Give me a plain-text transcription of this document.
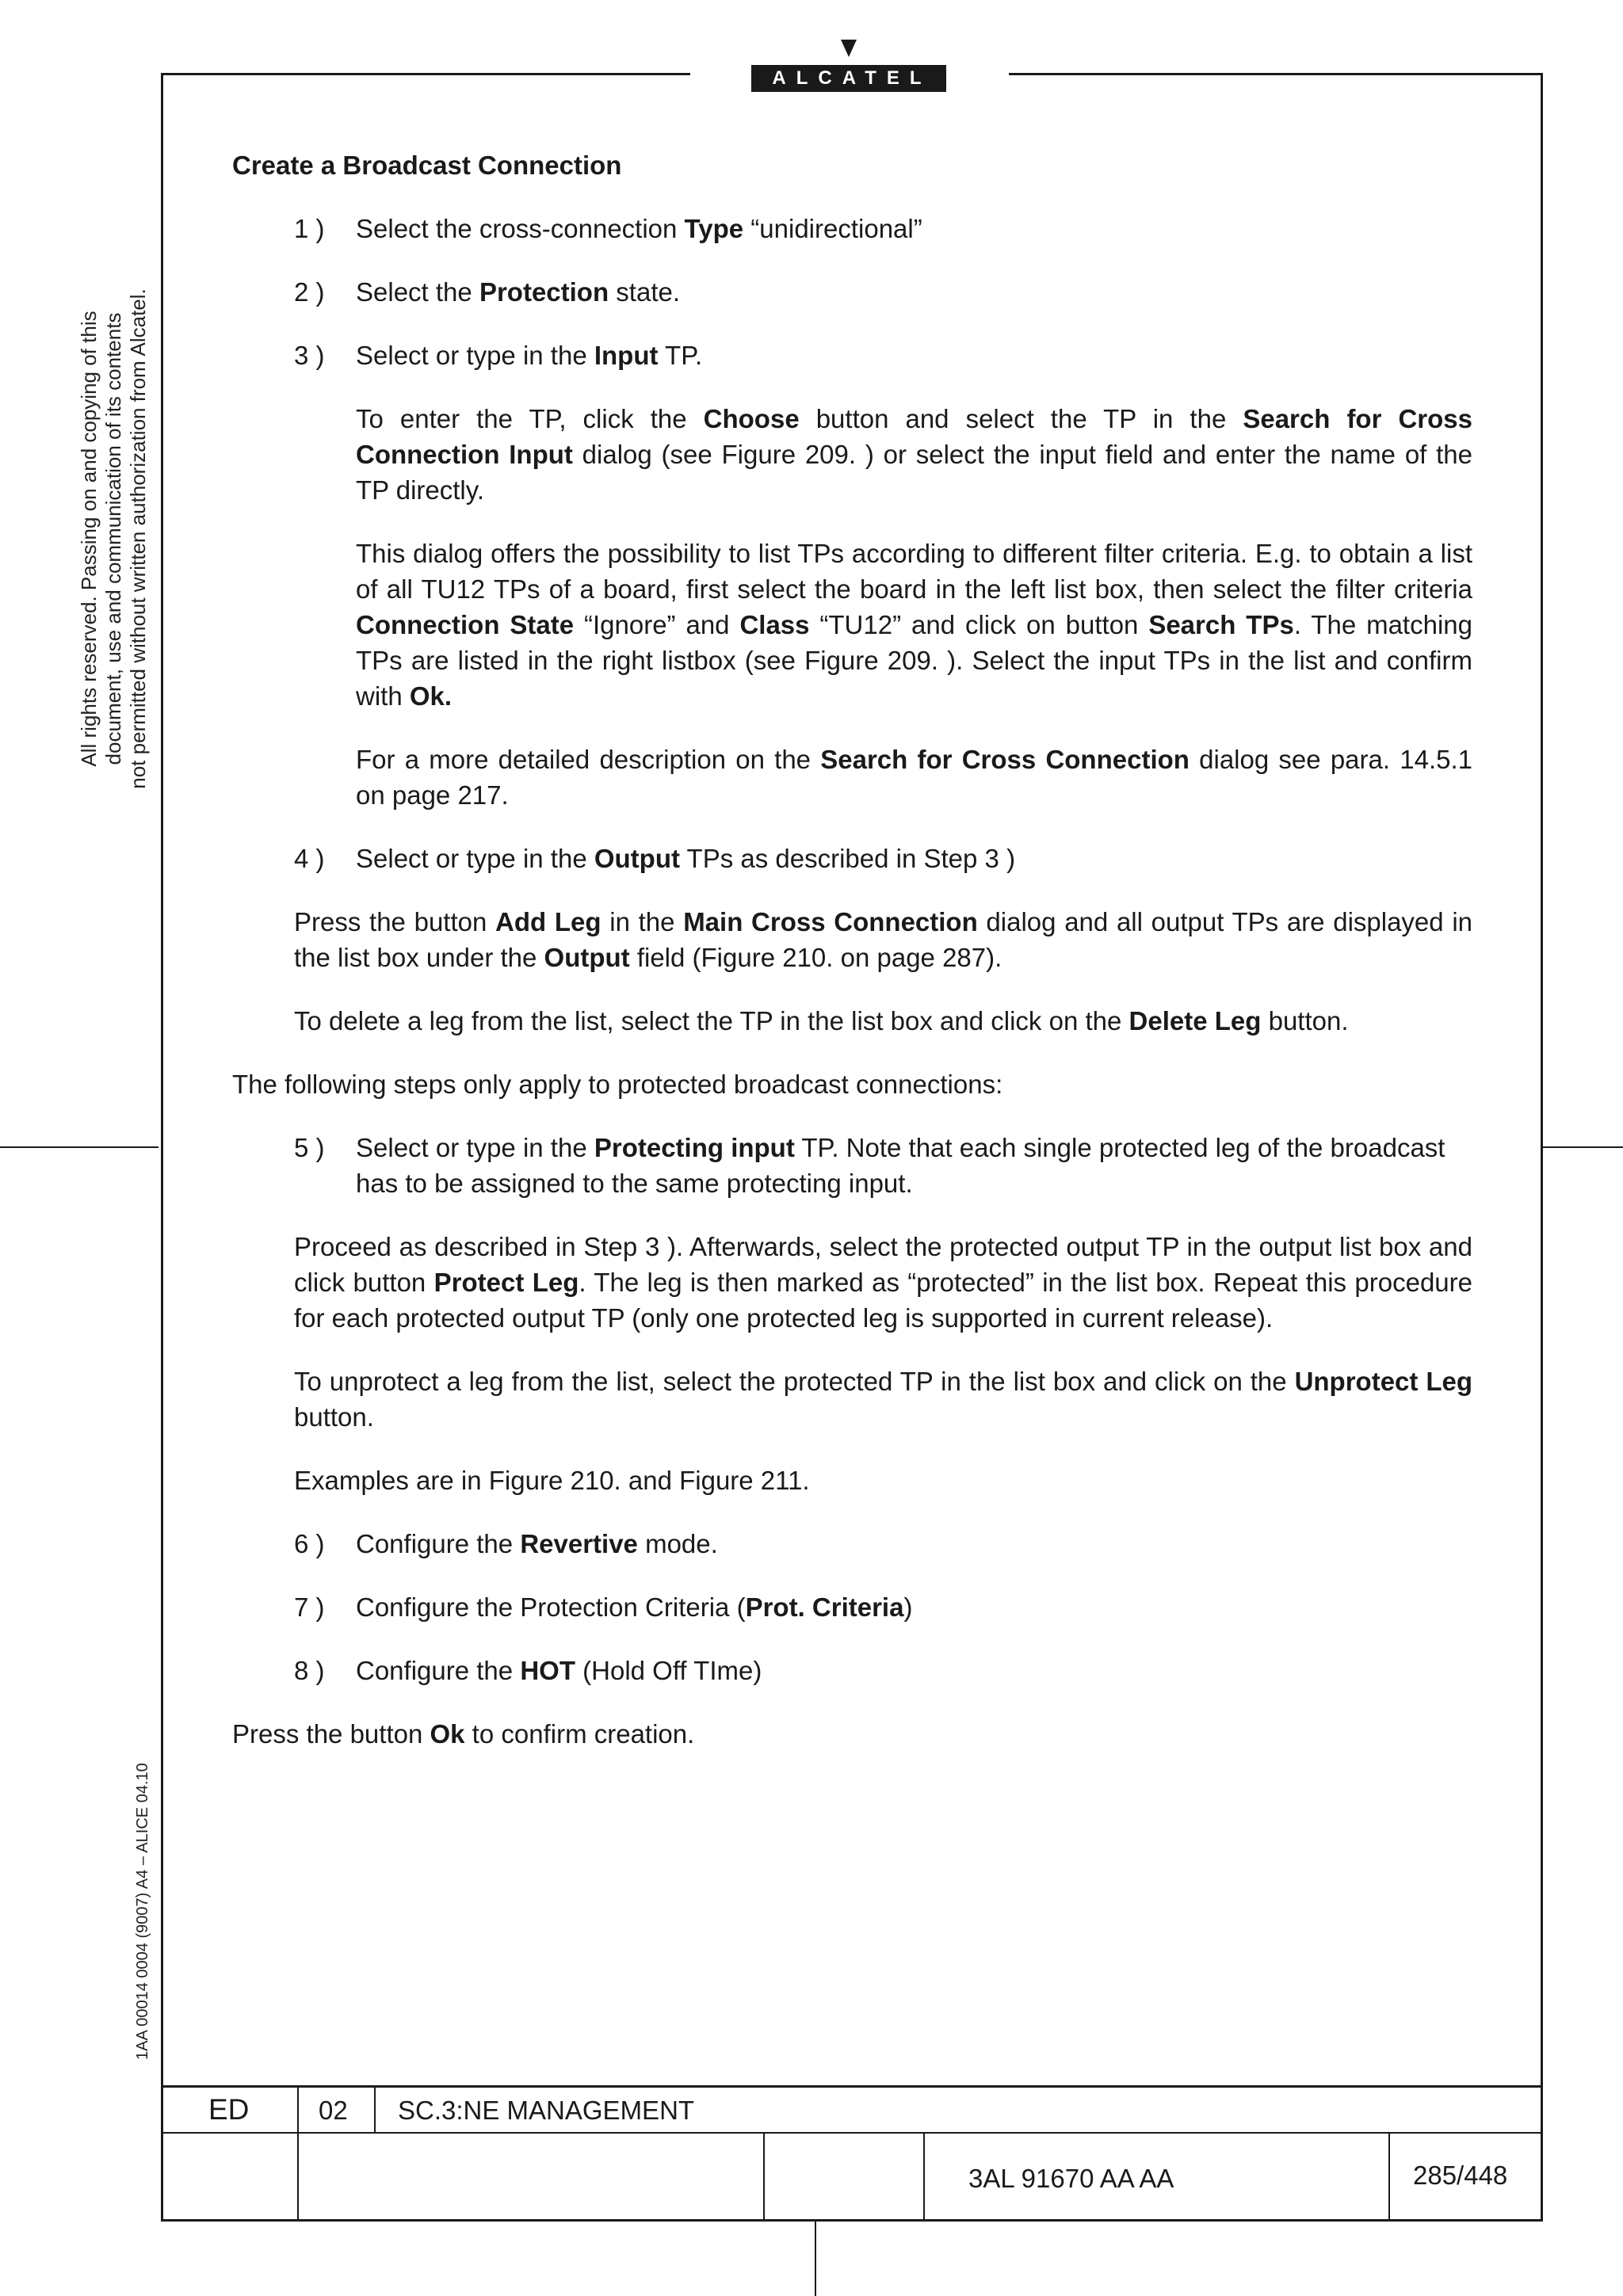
ALCATEL
All rights reserved. Passing on and copying of this document, use and communication of its contents not permitted without written authorization from Alcatel.
1AA 00014 0004 (9007) A4 – ALICE 04.10

Create a Broadcast Connection

1 ) Select the cross-connection Type “unidirectional”

2 ) Select the Protection state.

3 ) Select or type in the Input TP.

To enter the TP, click the Choose button and select the TP in the Search for Cross Connection Input dialog (see Figure 209. ) or select the input field and enter the name of the TP directly.

This dialog offers the possibility to list TPs according to different filter criteria. E.g. to obtain a list of all TU12 TPs of a board, first select the board in the left list box, then select the filter criteria Connection State “Ignore” and Class “TU12” and click on button Search TPs. The matching TPs are listed in the right listbox (see Figure 209. ). Select the input TPs in the list and confirm with Ok.

For a more detailed description on the Search for Cross Connection dialog see para. 14.5.1 on page 217.

4 ) Select or type in the Output TPs as described in Step 3 )

Press the button Add Leg in the Main Cross Connection dialog and all output TPs are displayed in the list box under the Output field (Figure 210. on page 287).

To delete a leg from the list, select the TP in the list box and click on the Delete Leg button.

The following steps only apply to protected broadcast connections:

5 ) Select or type in the Protecting input TP. Note that each single protected leg of the broadcast has to be assigned to the same protecting input.

Proceed as described in Step 3 ). Afterwards, select the protected output TP in the output list box and click button Protect Leg. The leg is then marked as “protected” in the list box. Repeat this procedure for each protected output TP (only one protected leg is supported in current release).

To unprotect a leg from the list, select the protected TP in the list box and click on the Unprotect Leg button.

Examples are in Figure 210. and Figure 211.

6 ) Configure the Revertive mode.

7 ) Configure the Protection Criteria (Prot. Criteria)

8 ) Configure the HOT (Hold Off TIme)

Press the button Ok to confirm creation.

ED	02 SC.3:NE MANAGEMENT
3AL 91670 AA AA	285/448
